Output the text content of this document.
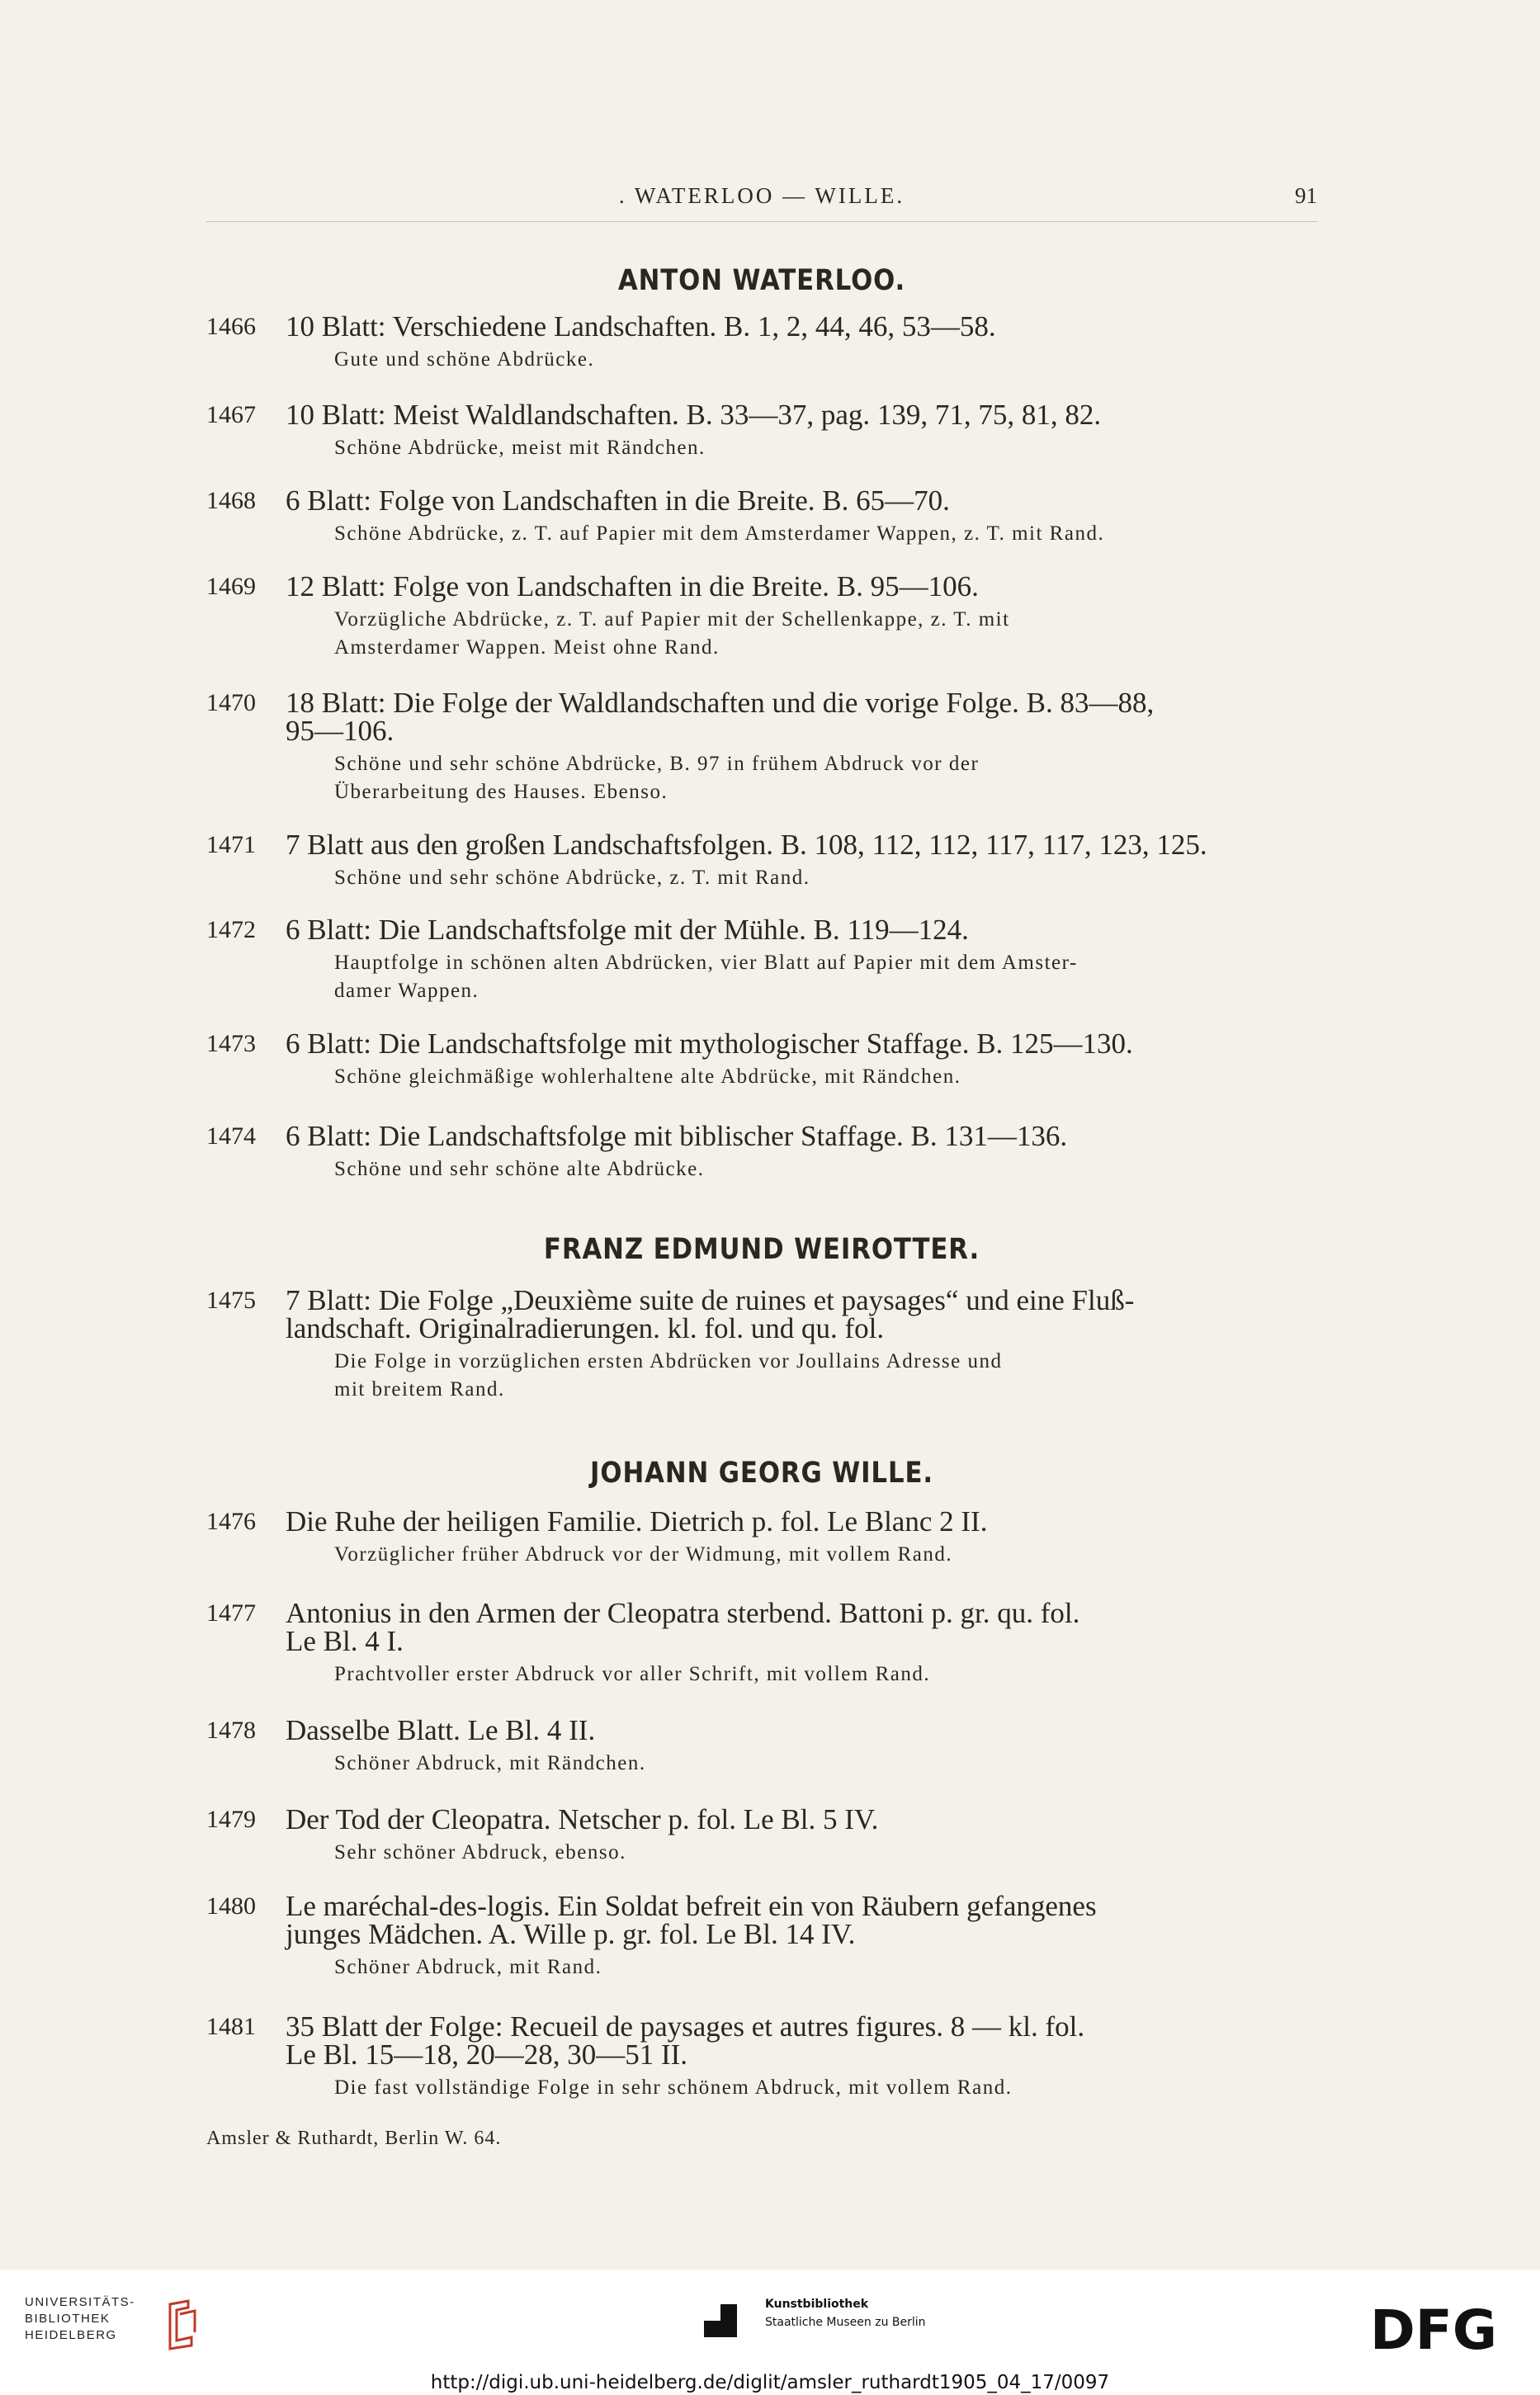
. WATERLOO — WILLE.	91
ANTON WATERLOO.
1466 10 Blatt: Verschiedene Landschaften. B. 1, 2, 44, 46, 53—58.
Gute und schöne Abdrücke.
1467 10 Blatt: Meist Waldlandschaften. B. 33—37, pag. 139, 71, 75, 81, 82.
Schöne Abdrücke, meist mit Rändchen.
1468 6 Blatt: Folge von Landschaften in die Breite. B. 65—70.
Schöne Abdrücke, z. T. auf Papier mit dem Amsterdamer Wappen, z. T. mit Rand.
1469 12 Blatt: Folge von Landschaften in die Breite. B. 95—106.
Vorzügliche Abdrücke, z. T. auf Papier mit der Schellenkappe, z. T. mit
Amsterdamer Wappen. Meist ohne Rand.
1470 18 Blatt: Die Folge der Waldlandschaften und die vorige Folge. B. 83—88,
95—106.
Schöne und sehr schöne Abdrücke, B. 97 in frühem Abdruck vor der
Überarbeitung des Hauses. Ebenso.
1471 7 Blatt aus den großen Landschaftsfolgen. B. 108, 112, 112, 117, 117, 123, 125.
Schöne und sehr schöne Abdrücke, z. T. mit Rand.
1472 6 Blatt: Die Landschaftsfolge mit der Mühle. B. 119—124.
Hauptfolge in schönen alten Abdrücken, vier Blatt auf Papier mit dem Amster-
damer Wappen.
1473 6 Blatt: Die Landschaftsfolge mit mythologischer Staffage. B. 125—130.
Schöne gleichmäßige wohlerhaltene alte Abdrücke, mit Rändchen.
1474 6 Blatt: Die Landschaftsfolge mit biblischer Staffage. B. 131—136.
Schöne und sehr schöne alte Abdrücke.
FRANZ EDMUND WEIROTTER.
1475 7 Blatt: Die Folge „Deuxième suite de ruines et paysages“ und eine Fluß-
landschaft. Originalradierungen. kl. fol. und qu. fol.
Die Folge in vorzüglichen ersten Abdrücken vor Joullains Adresse und
mit breitem Rand.
JOHANN GEORG WILLE.
1476 Die Ruhe der heiligen Familie. Dietrich p. fol. Le Blanc 2 II.
Vorzüglicher früher Abdruck vor der Widmung, mit vollem Rand.
1477 Antonius in den Armen der Cleopatra sterbend. Battoni p. gr. qu. fol.
Le Bl. 4 I.
Prachtvoller erster Abdruck vor aller Schrift, mit vollem Rand.
1478 Dasselbe Blatt. Le Bl. 4 II.
Schöner Abdruck, mit Rändchen.
1479 Der Tod der Cleopatra. Netscher p. fol. Le Bl. 5 IV.
Sehr schöner Abdruck, ebenso.
1480 Le maréchal-des-logis. Ein Soldat befreit ein von Räubern gefangenes
junges Mädchen. A. Wille p. gr. fol. Le Bl. 14 IV.
Schöner Abdruck, mit Rand.
1481 35 Blatt der Folge: Recueil de paysages et autres figures. 8 — kl. fol.
Le Bl. 15—18, 20—28, 30—51 II.
Die fast vollständige Folge in sehr schönem Abdruck, mit vollem Rand.
Amsler & Ruthardt, Berlin W. 64.
UNIVERSITÄTS-
BIBLIOTHEK
HEIDELBERG
Kunstbibliothek
Staatliche Museen zu Berlin	DFG
http://digi.ub.uni-heidelberg.de/diglit/amsler_ruthardt1905_04_17/0097
